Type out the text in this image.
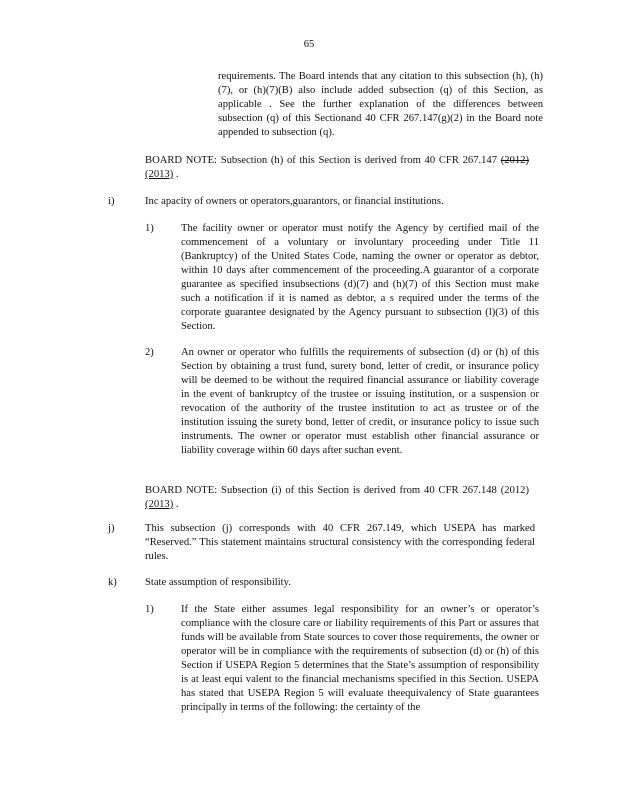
65
requirements. The Board intends that any citation to this subsection (h), (h)(7), or (h)(7)(B) also include added subsection (q) of this Section, as applicable . See the further explanation of the differences between subsection (q) of this Sectionand 40 CFR 267.147(g)(2) in the Board note appended to subsection (q).
BOARD NOTE: Subsection (h) of this Section is derived from 40 CFR 267.147 (2012) (2013) .
i)	Inc apacity of owners or operators,guarantors, or financial institutions.
1)	The facility owner or operator must notify the Agency by certified mail of the commencement of a voluntary or involuntary proceeding under Title 11 (Bankruptcy) of the United States Code, naming the owner or operator as debtor, within 10 days after commencement of the proceeding.A guarantor of a corporate guarantee as specified insubsections (d)(7) and (h)(7) of this Section must make such a notification if it is named as debtor, a s required under the terms of the corporate guarantee designated by the Agency pursuant to subsection (l)(3) of this Section.
2)	An owner or operator who fulfills the requirements of subsection (d) or (h) of this Section by obtaining a trust fund, surety bond, letter of credit, or insurance policy will be deemed to be without the required financial assurance or liability coverage in the event of bankruptcy of the trustee or issuing institution, or a suspension or revocation of the authority of the trustee institution to act as trustee or of the institution issuing the surety bond, letter of credit, or insurance policy to issue such instruments. The owner or operator must establish other financial assurance or liability coverage within 60 days after suchan event.
BOARD NOTE: Subsection (i) of this Section is derived from 40 CFR 267.148 (2012) (2013) .
j)	This subsection (j) corresponds with 40 CFR 267.149, which USEPA has marked “Reserved.” This statement maintains structural consistency with the corresponding federal rules.
k)	State assumption of responsibility.
1)	If the State either assumes legal responsibility for an owner’s or operator’s compliance with the closure care or liability requirements of this Part or assures that funds will be available from State sources to cover those requirements, the owner or operator will be in compliance with the requirements of subsection (d) or (h) of this Section if USEPA Region 5 determines that the State’s assumption of responsibility is at least equi valent to the financial mechanisms specified in this Section. USEPA has stated that USEPA Region 5 will evaluate theequivalency of State guarantees principally in terms of the following: the certainty of the
